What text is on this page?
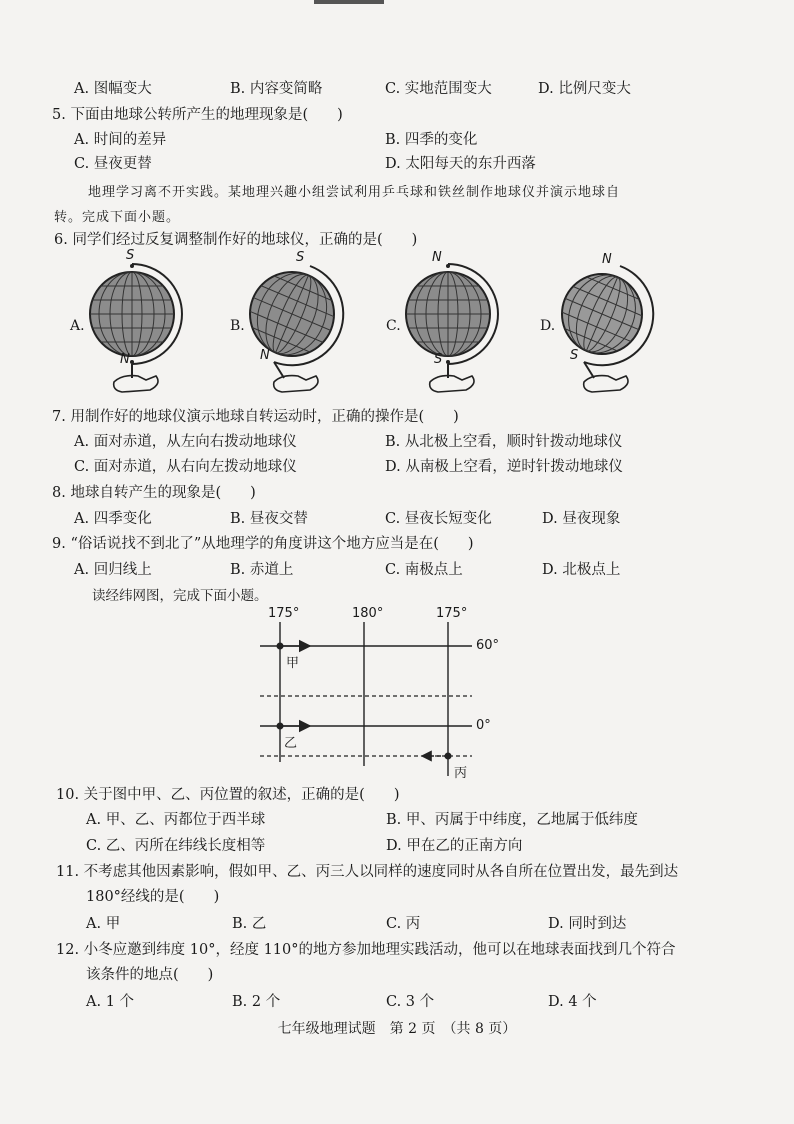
A. 图幅变大	B. 内容变简略	C. 实地范围变大	D. 比例尺变大
5. 下面由地球公转所产生的地理现象是(　　)
A. 时间的差异	B. 四季的变化
C. 昼夜更替	D. 太阳每天的东升西落
地理学习离不开实践。某地理兴趣小组尝试利用乒乓球和铁丝制作地球仪并演示地球自
转。完成下面小题。
6. 同学们经过反复调整制作好的地球仪，正确的是(　　)
A.
S
N
B.
S
N
C.
N
S
D.
N
S
7. 用制作好的地球仪演示地球自转运动时，正确的操作是(　　)
A. 面对赤道，从左向右拨动地球仪	B. 从北极上空看，顺时针拨动地球仪
C. 面对赤道，从右向左拨动地球仪	D. 从南极上空看，逆时针拨动地球仪
8. 地球自转产生的现象是(　　)
A. 四季变化	B. 昼夜交替	C. 昼夜长短变化	D. 昼夜现象
9. “俗话说找不到北了”从地理学的角度讲这个地方应当是在(　　)
A. 回归线上	B. 赤道上	C. 南极点上	D. 北极点上
读经纬网图，完成下面小题。
175°	180°	175°
60°
0°
甲
乙
丙
10. 关于图中甲、乙、丙位置的叙述，正确的是(　　)
A. 甲、乙、丙都位于西半球	B. 甲、丙属于中纬度，乙地属于低纬度
C. 乙、丙所在纬线长度相等	D. 甲在乙的正南方向
11. 不考虑其他因素影响，假如甲、乙、丙三人以同样的速度同时从各自所在位置出发，最先到达
180°经线的是(　　)
A. 甲	B. 乙	C. 丙	D. 同时到达
12. 小冬应邀到纬度 10°，经度 110°的地方参加地理实践活动，他可以在地球表面找到几个符合
该条件的地点(　　)
A. 1 个	B. 2 个	C. 3 个	D. 4 个
七年级地理试题　第 2 页　（共 8 页）
